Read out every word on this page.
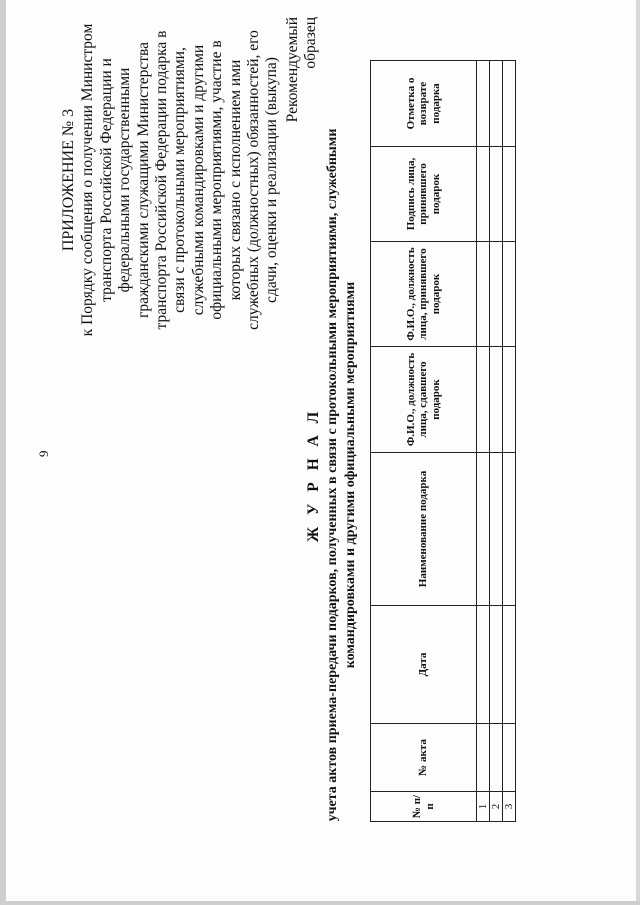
9
ПРИЛОЖЕНИЕ № 3 к Порядку сообщения о получении Министром транспорта Российской Федерации и федеральными государственными гражданскими служащими Министерства транспорта Российской Федерации подарка в связи с протокольными мероприятиями, служебными командировками и другими официальными мероприятиями, участие в которых связано с исполнением ими служебных (должностных) обязанностей, его сдачи, оценки и реализации (выкупа) Рекомендуемый образец
Ж У Р Н А Л учета актов приема-передачи подарков, полученных в связи с протокольными мероприятиями, служебными командировками и другими официальными мероприятиями
№ п/п	№ акта	Дата	Наименование подарка	Ф.И.О., должность лица, сдавшего подарок	Ф.И.О., должность лица, принявшего подарок	Подпись лица, принявшего подарок	Отметка о возврате подарка
1							
2							
3							
